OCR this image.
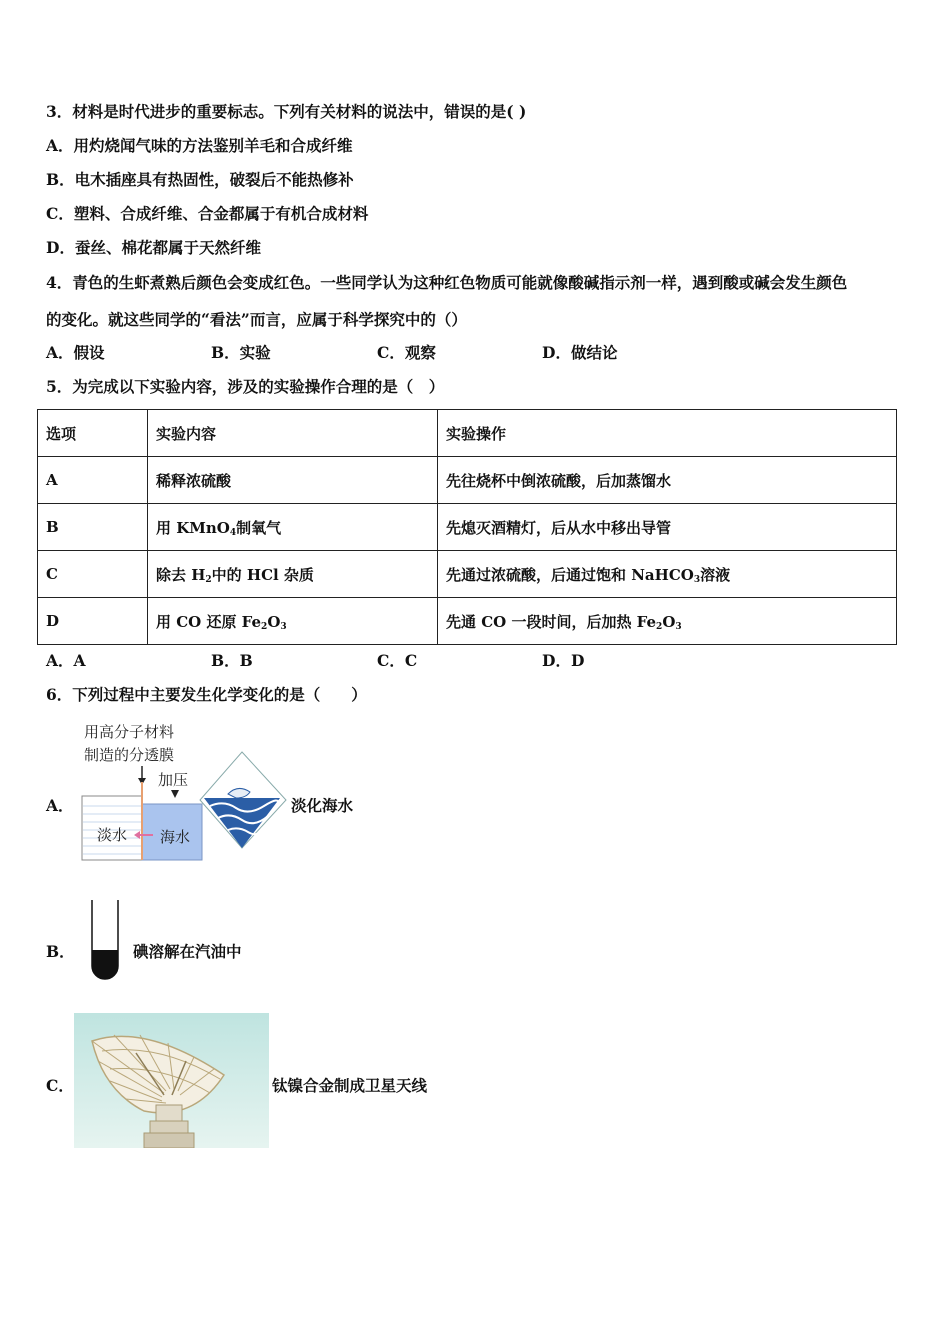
3．材料是时代进步的重要标志。下列有关材料的说法中，错误的是( )
A．用灼烧闻气味的方法鉴别羊毛和合成纤维
B．电木插座具有热固性，破裂后不能热修补
C．塑料、合成纤维、合金都属于有机合成材料
D．蚕丝、棉花都属于天然纤维
4．青色的生虾煮熟后颜色会变成红色。一些同学认为这种红色物质可能就像酸碱指示剂一样，遇到酸或碱会发生颜色
的变化。就这些同学的“看法”而言，应属于科学探究中的（）
A．假设	B．实验	C．观察	D．做结论
5．为完成以下实验内容，涉及的实验操作合理的是（　）
选项	实验内容	实验操作
A	稀释浓硫酸	先往烧杯中倒浓硫酸，后加蒸馏水
B	用 KMnO$_4$制氧气	先熄灭酒精灯，后从水中移出导管
C	除去 $H_2$中的 HCl 杂质	先通过浓硫酸，后通过饱和 NaHCO$_3$溶液
D	用 CO 还原 $Fe_2O_3$	先通 CO 一段时间，后加热 $Fe_2O_3$
A．A	B．B	C．C	D．D
6．下列过程中主要发生化学变化的是（　　）
A．
用高分子材料
制造的分透膜
加压
淡水 海水
淡化海水
B．	碘溶解在汽油中
C．	钛镍合金制成卫星天线
